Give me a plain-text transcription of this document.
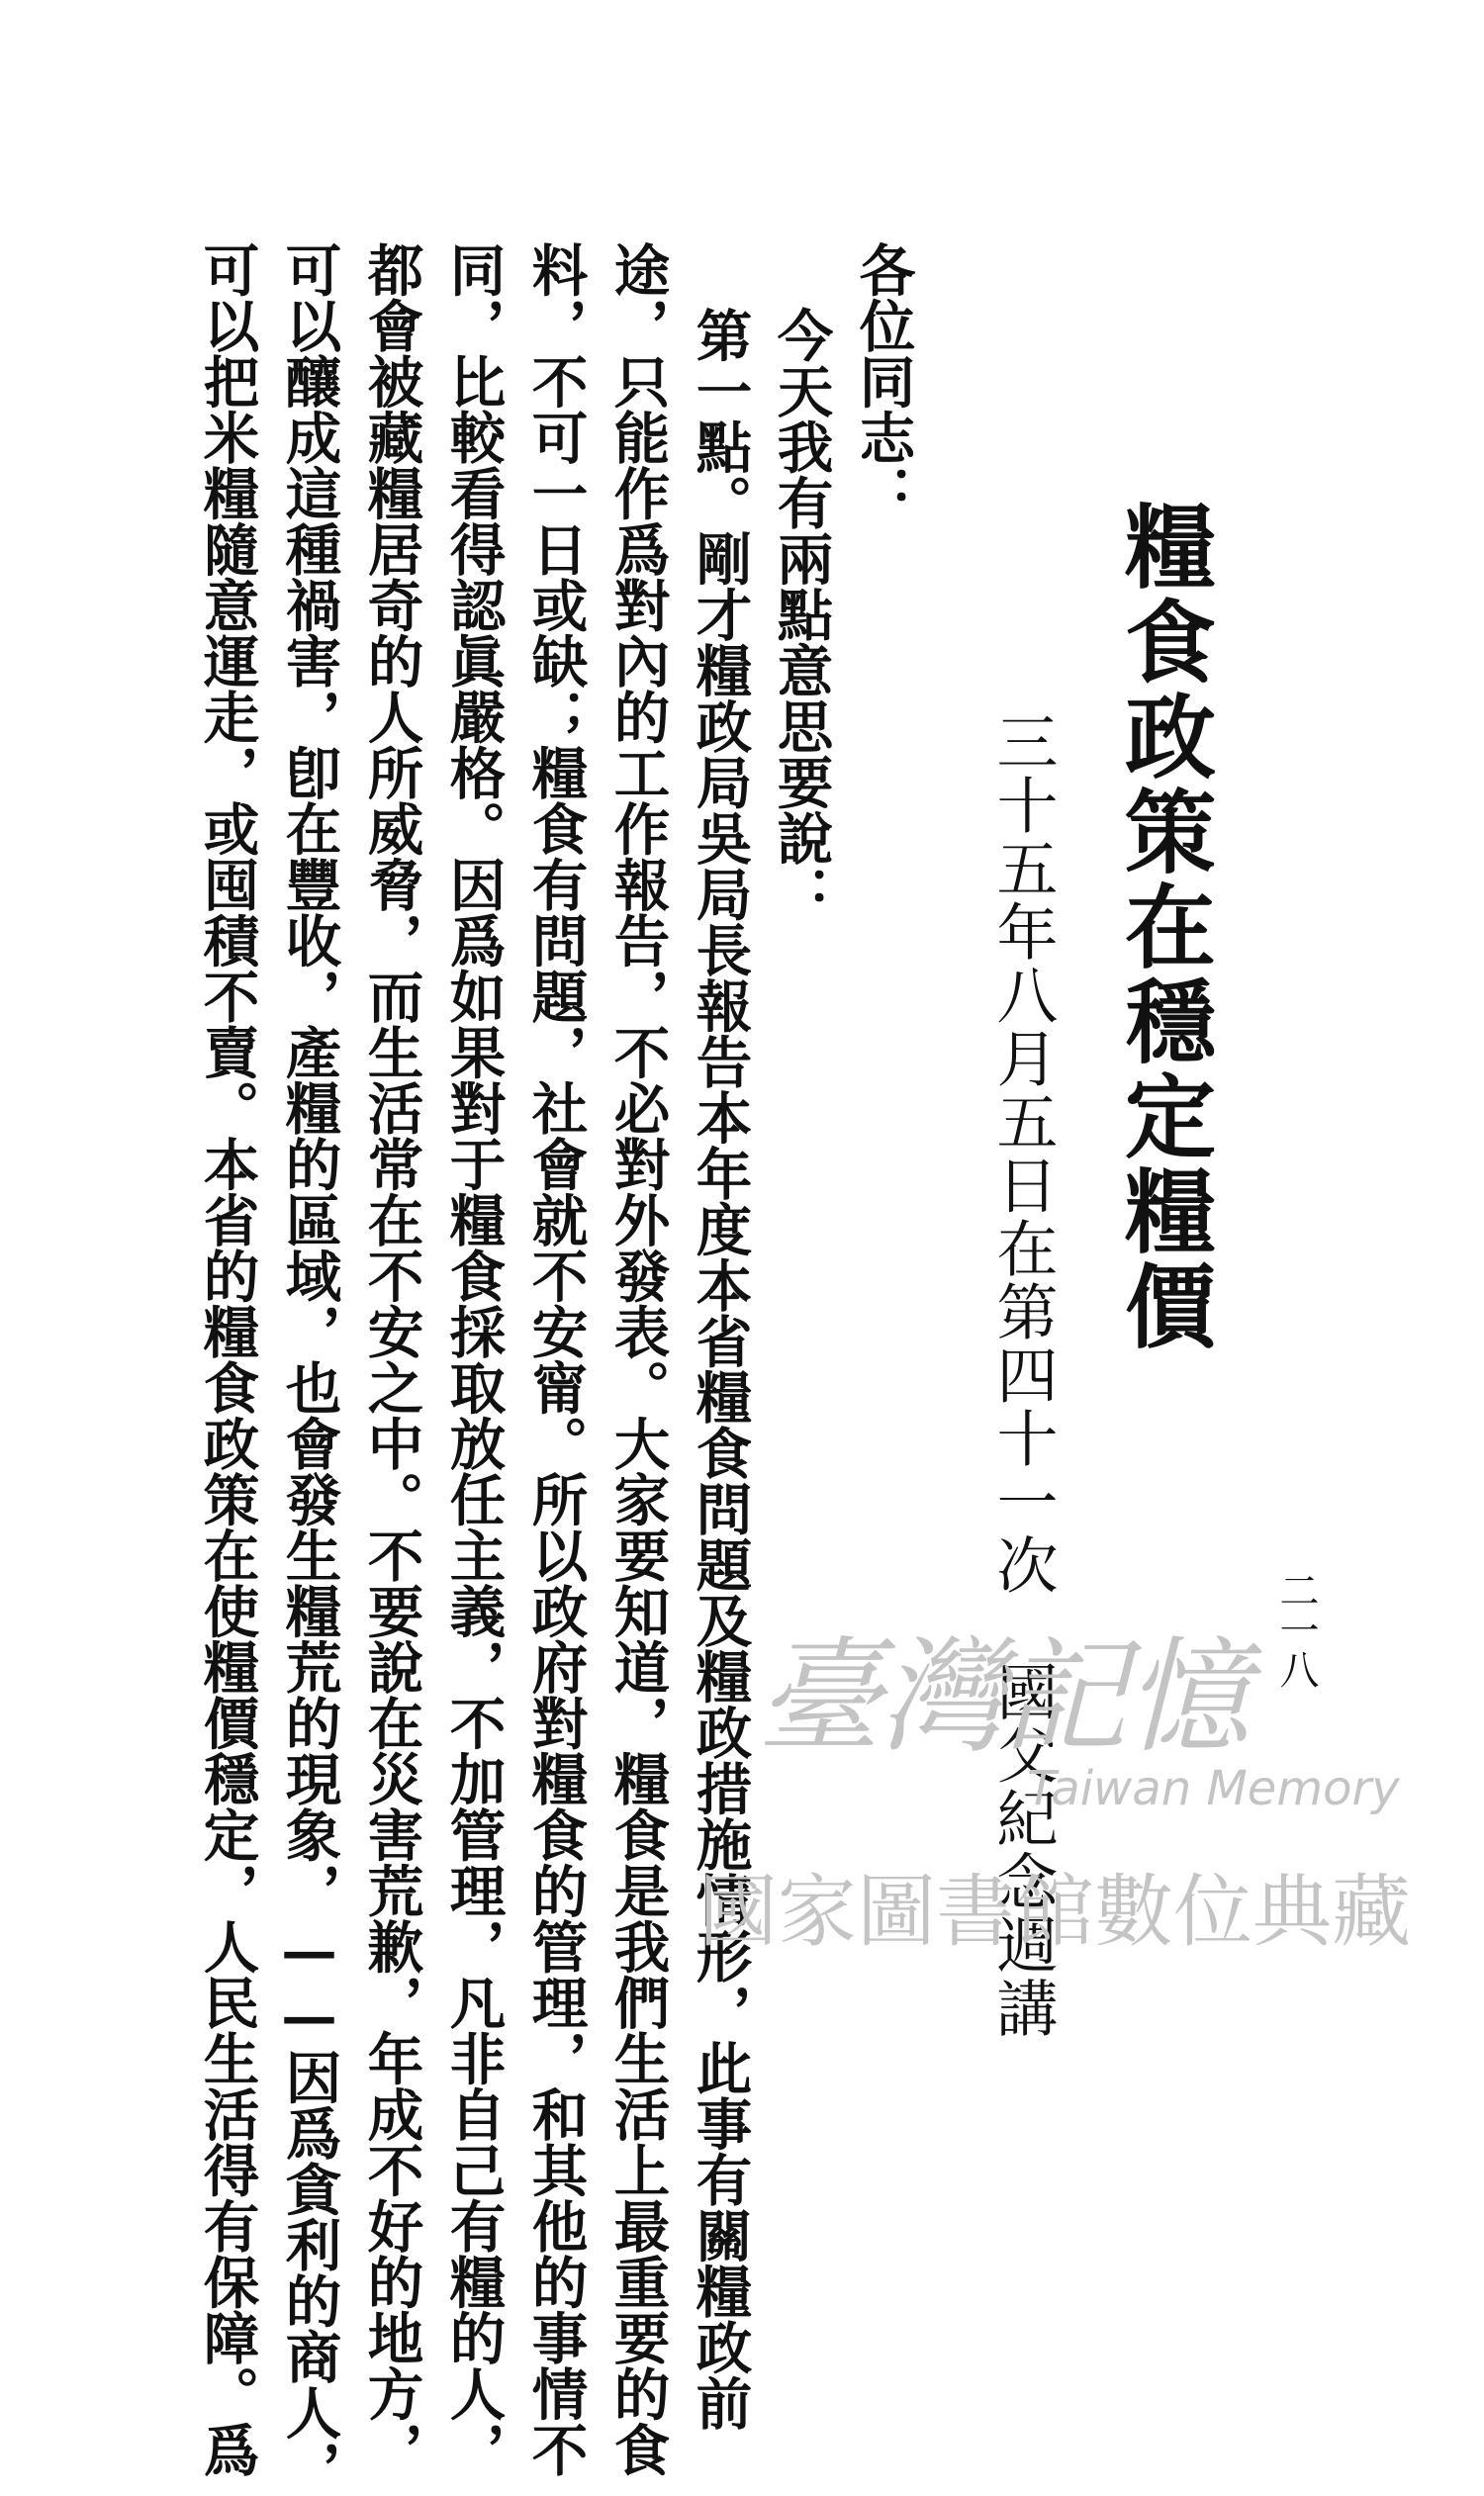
糧食政策在穩定糧價
三十五年八月五日在第四十一次　國父紀念週講	二一八
各位同志：
今天我有兩點意思要說：
第一點。剛才糧政局吳局長報告本年度本省糧食問題及糧政措施情形，此事有關糧政前
途，只能作爲對內的工作報告，不必對外發表。大家要知道，糧食是我們生活上最重要的食
料，不可一日或缺；糧食有問題，社會就不安甯。所以政府對糧食的管理，和其他的事情不
同，比較看得認眞嚴格。因爲如果對于糧食採取放任主義，不加管理，凡非自己有糧的人，
都會被藏糧居奇的人所威脅，而生活常在不安之中。不要說在災害荒歉，年成不好的地方，
可以釀成這種禍害，卽在豐收，產糧的區域，也會發生糧荒的現象，——因爲貪利的商人，
可以把米糧隨意運走，或囤積不賣。本省的糧食政策在使糧價穩定，人民生活得有保障。爲	臺灣記憶
Taiwan Memory
國家圖書館數位典藏
